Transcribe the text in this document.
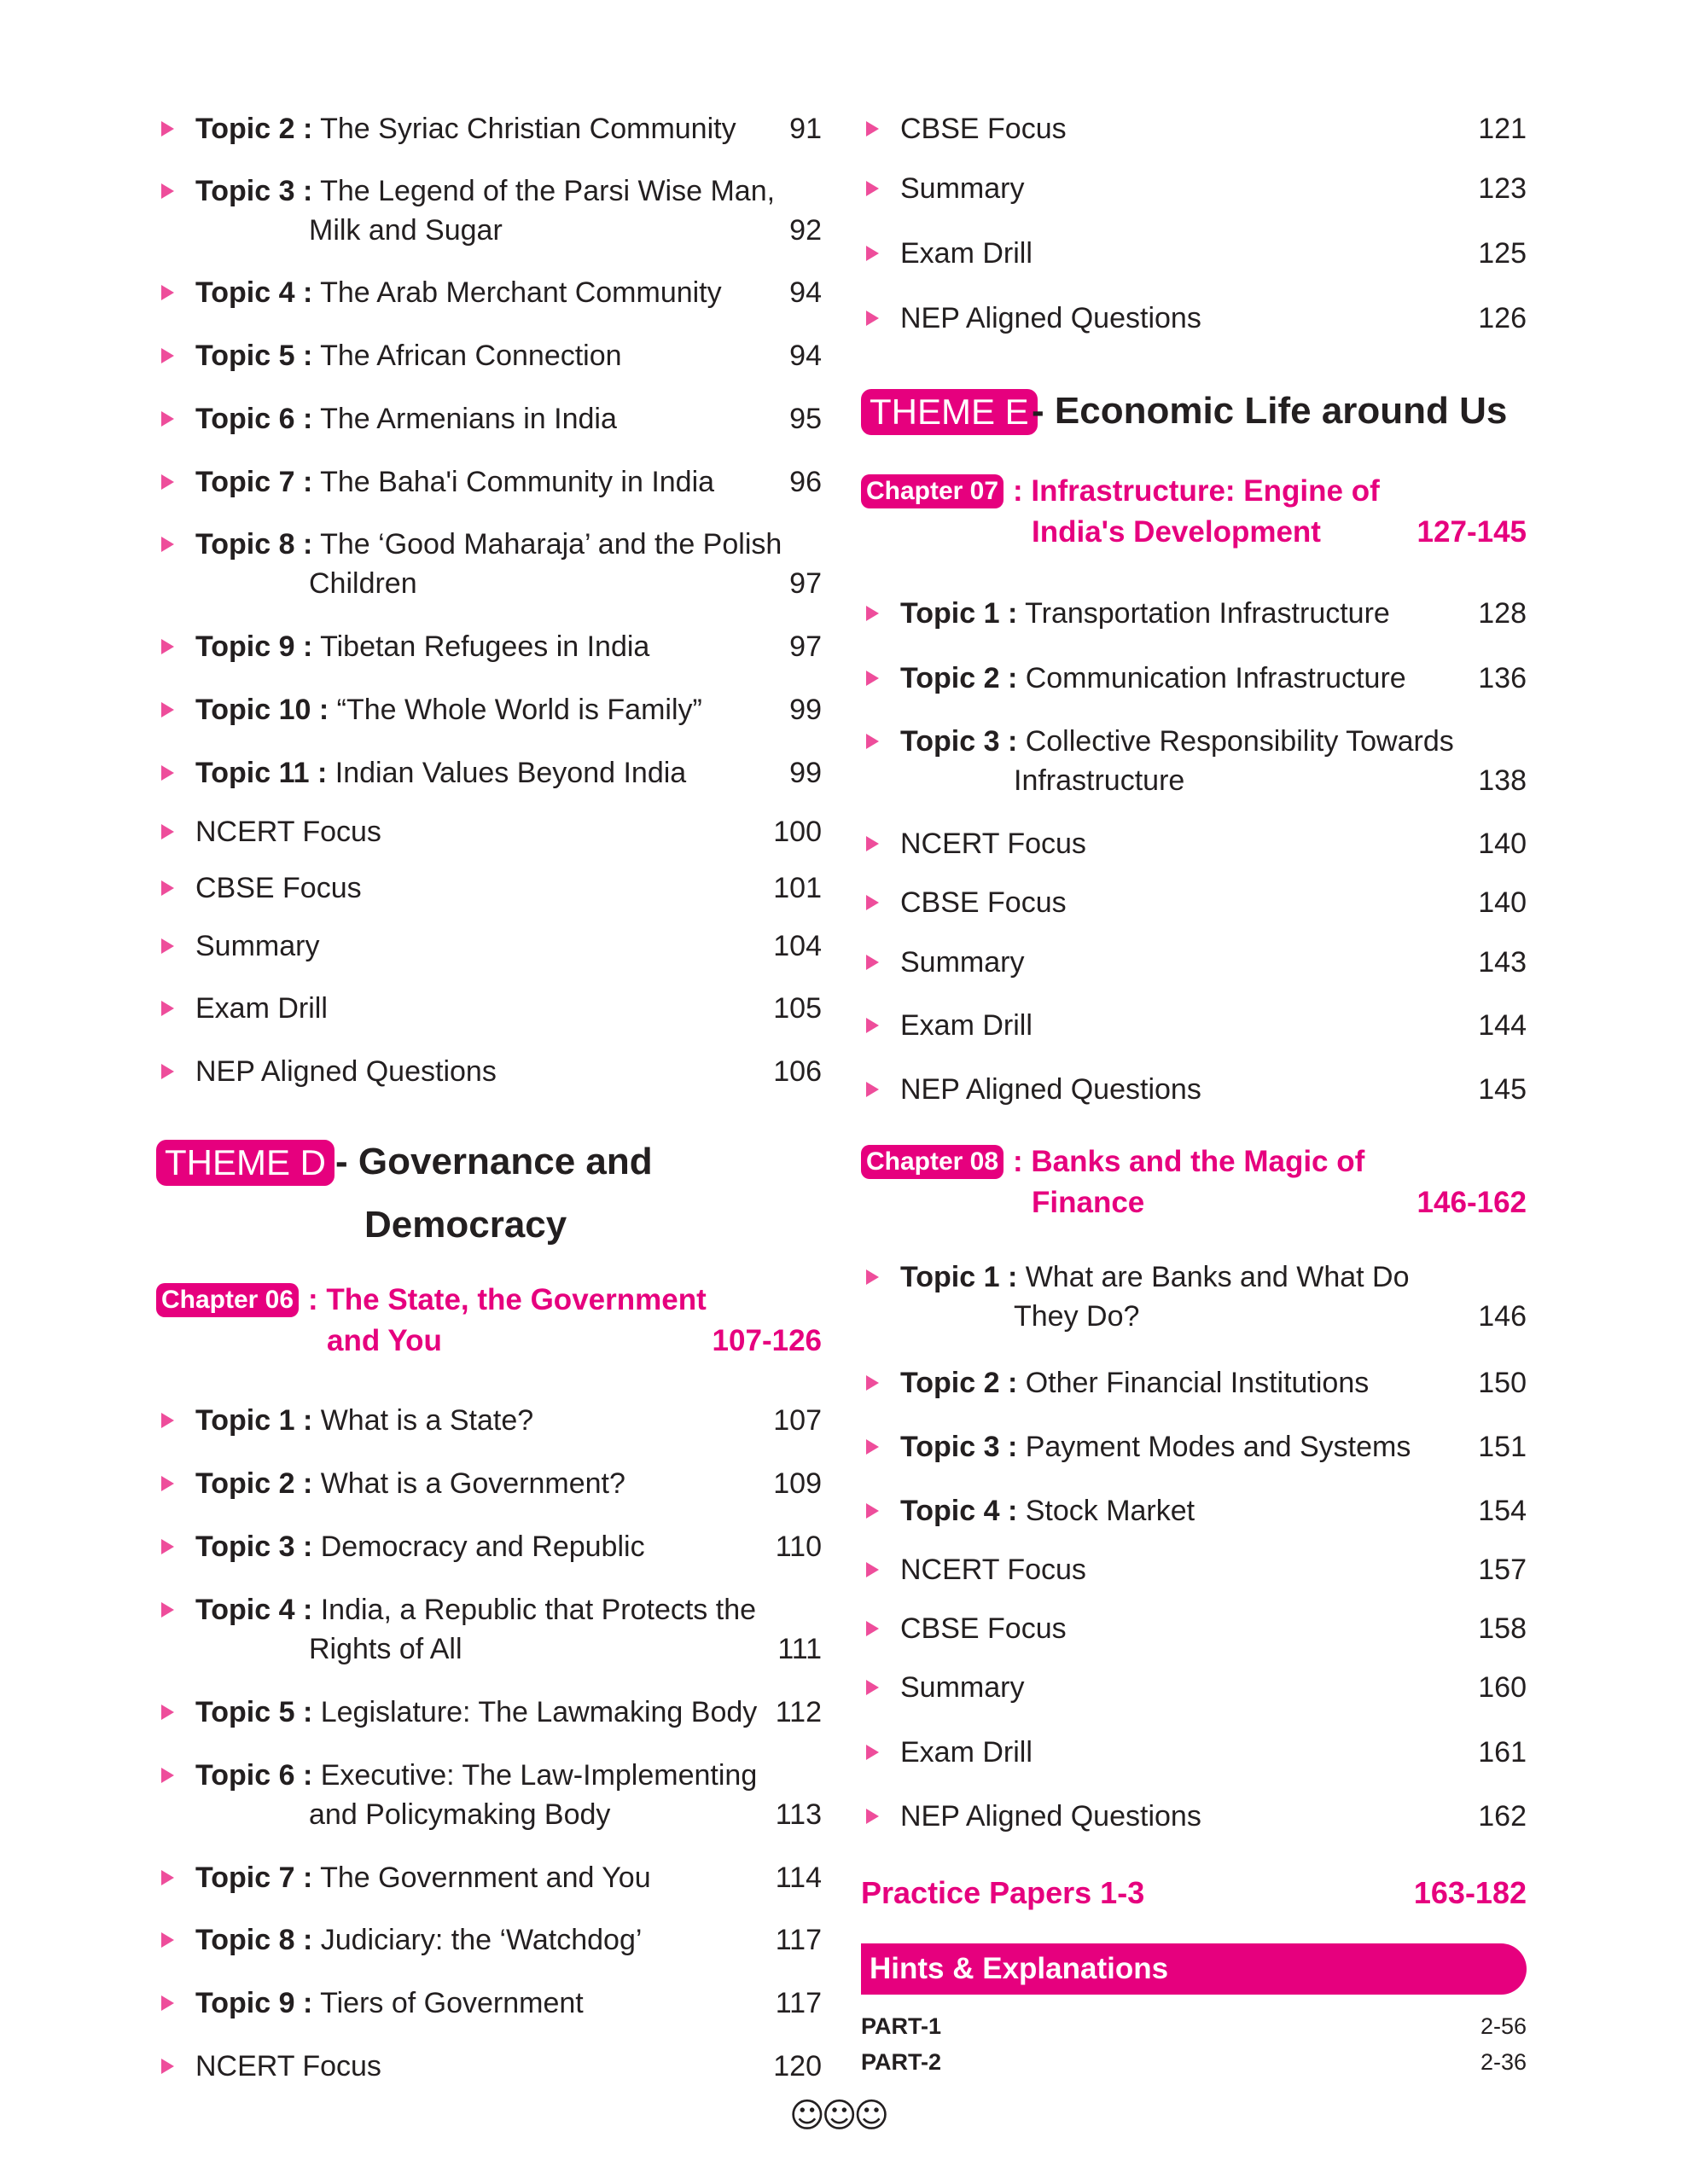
Topic 2 : The Syriac Christian Community 91
Topic 3 : The Legend of the Parsi Wise Man,
Milk and Sugar	92
Topic 4 : The Arab Merchant Community 94
Topic 5 : The African Connection	94
Topic 6 : The Armenians in India	95
Topic 7 : The Baha'i Community in India	96
Topic 8 : The ‘Good Maharaja’ and the Polish
Children	97
Topic 9 : Tibetan Refugees in India	97
Topic 10 : “The Whole World is Family”	99
Topic 11 : Indian Values Beyond India	99
NCERT Focus	100
CBSE Focus	101
Summary	104
Exam Drill	105
NEP Aligned Questions	106
THEME D - Governance and
Democracy
Chapter 06 : The State, the Government
and You	107-126
Topic 1 : What is a State?	107
Topic 2 : What is a Government?	109
Topic 3 : Democracy and Republic	110
Topic 4 : India, a Republic that Protects the
Rights of All	111
Topic 5 : Legislature: The Lawmaking Body 112
Topic 6 : Executive: The Law-Implementing
and Policymaking Body	113
Topic 7 : The Government and You	114
Topic 8 : Judiciary: the ‘Watchdog’	117
Topic 9 : Tiers of Government	117
NCERT Focus	120
CBSE Focus	121
Summary	123
Exam Drill	125
NEP Aligned Questions	126
THEME E - Economic Life around Us
Chapter 07 : Infrastructure: Engine of
India's Development	127-145
Topic 1 : Transportation Infrastructure	128
Topic 2 : Communication Infrastructure	136
Topic 3 : Collective Responsibility Towards
Infrastructure	138
NCERT Focus	140
CBSE Focus	140
Summary	143
Exam Drill	144
NEP Aligned Questions	145
Chapter 08 : Banks and the Magic of
Finance	146-162
Topic 1 : What are Banks and What Do
They Do?	146
Topic 2 : Other Financial Institutions	150
Topic 3 : Payment Modes and Systems	151
Topic 4 : Stock Market	154
NCERT Focus	157
CBSE Focus	158
Summary	160
Exam Drill	161
NEP Aligned Questions	162
Practice Papers 1-3	163-182
Hints & Explanations
PART-1	2-56
PART-2	2-36
☺☺☺
